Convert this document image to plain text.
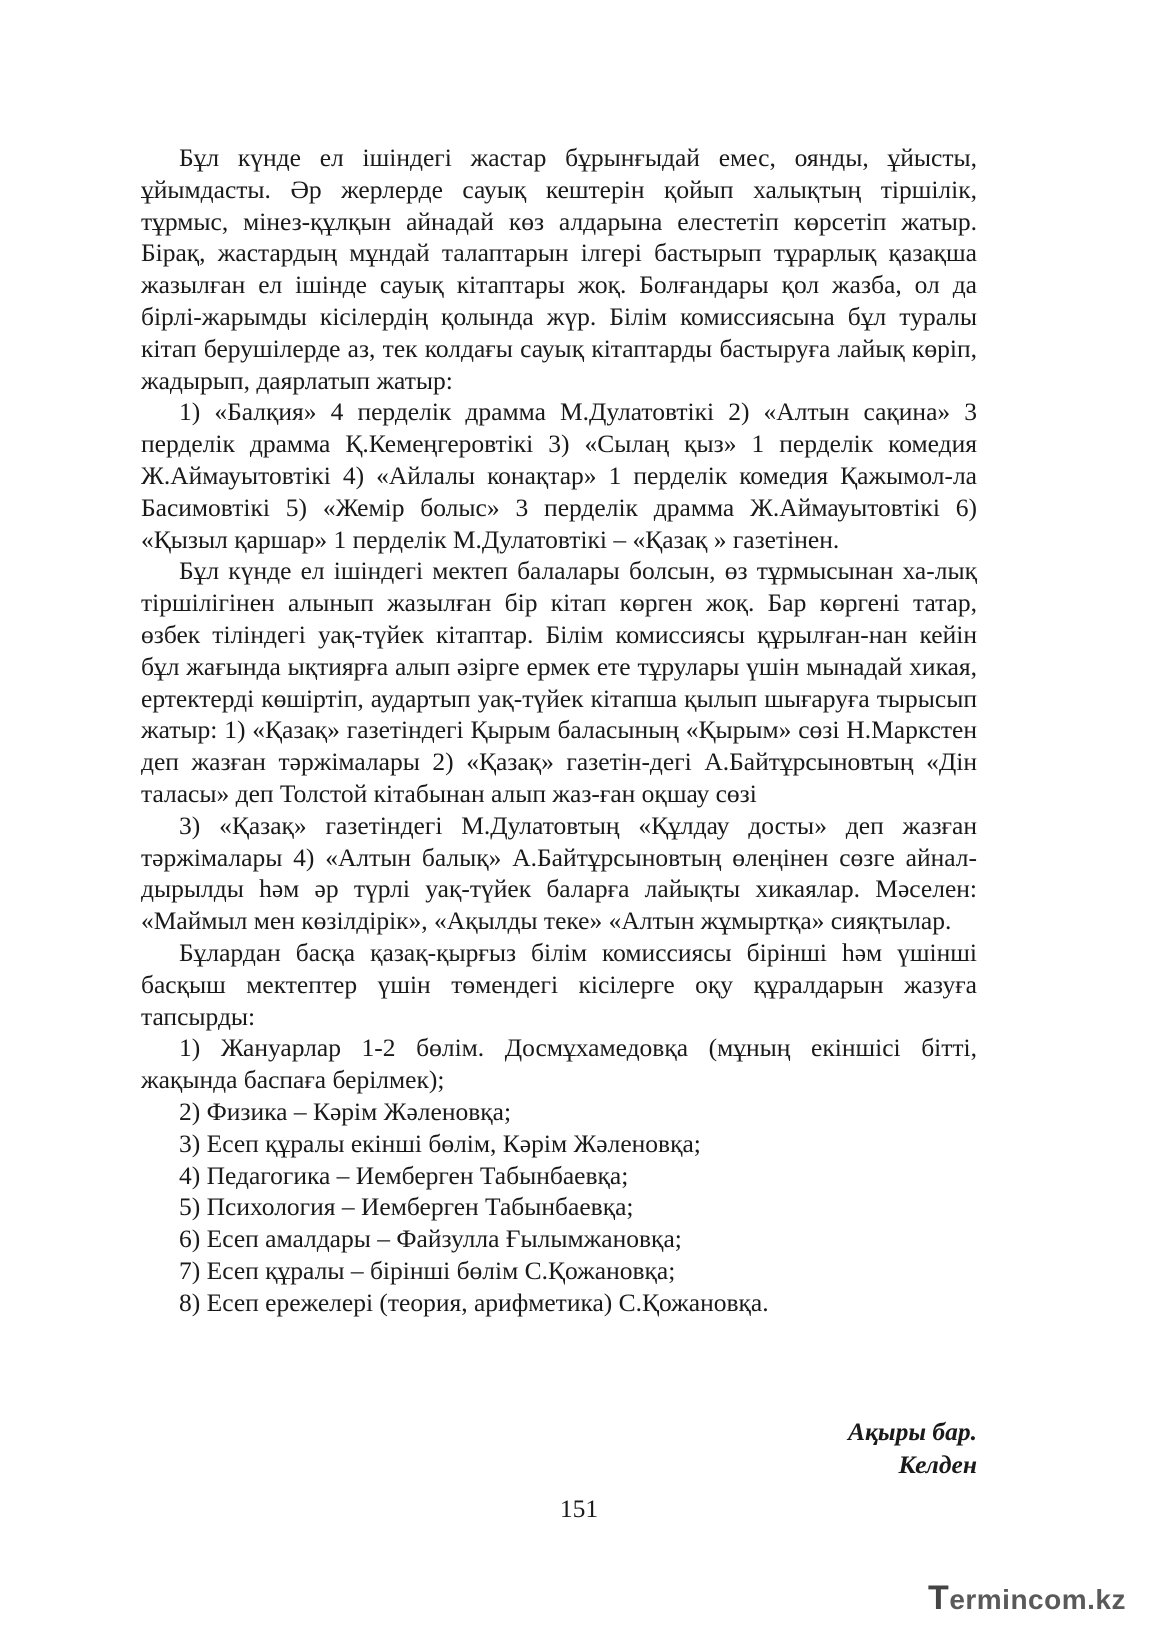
Бұл күнде ел ішіндегі жастар бұрынғыдай емес, оянды, ұйысты, ұйымдасты. Әр жерлерде сауық кештерін қойып халықтың тіршілік, тұрмыс, мінез-құлқын айнадай көз алдарына елестетіп көрсетіп жатыр. Бірақ, жастардың мұндай талаптарын ілгері бастырып тұрарлық қазақша жазылған ел ішінде сауық кітаптары жоқ. Болғандары қол жазба, ол да бірлі-жарымды кісілердің қолында жүр. Білім комиссиясына бұл туралы кітап берушілерде аз, тек колдағы сауық кітаптарды бастыруға лайық көріп, жадырып, даярлатып жатыр:

1) «Балқия» 4 перделік драмма М.Дулатовтікі 2) «Алтын сақина» 3 перделік драмма Қ.Кемеңгеровтікі 3) «Сылаң қыз» 1 перделік комедия Ж.Аймауытовтікі 4) «Айлалы конақтар» 1 перделік комедия Қажымол-ла Басимовтікі 5) «Жемір болыс» 3 перделік драмма Ж.Аймауытовтікі 6) «Қызыл қаршар» 1 перделік М.Дулатовтікі – «Қазақ » газетінен.

Бұл күнде ел ішіндегі мектеп балалары болсын, өз тұрмысынан ха-лық тіршілігінен алынып жазылған бір кітап көрген жоқ. Бар көргені татар, өзбек тіліндегі уақ-түйек кітаптар. Білім комиссиясы құрылған-нан кейін бұл жағында ықтиярға алып әзірге ермек ете тұрулары үшін мынадай хикая, ертектерді көшіртіп, аудартып уақ-түйек кітапша қылып шығаруға тырысып жатыр: 1) «Қазақ» газетіндегі Қырым баласының «Қырым» сөзі Н.Маркстен деп жазған тәржімалары 2) «Қазақ» газетін-дегі А.Байтұрсыновтың «Дін таласы» деп Толстой кітабынан алып жаз-ған оқшау сөзі

3) «Қазақ» газетіндегі М.Дулатовтың «Құлдау досты» деп жазған тәржімалары 4) «Алтын балық» А.Байтұрсыновтың өлеңінен сөзге айнал-дырылды һәм әр түрлі уақ-түйек баларға лайықты хикаялар. Мәселен: «Маймыл мен көзілдірік», «Ақылды теке» «Алтын жұмыртқа» сияқтылар.

Бұлардан басқа қазақ-қырғыз білім комиссиясы бірінші һәм үшінші басқыш мектептер үшін төмендегі кісілерге оқу құралдарын жазуға тапсырды:

1) Жануарлар 1-2 бөлім. Досмұхамедовқа (мұның екіншісі бітті, жақында баспаға берілмек);

2) Физика – Кәрім Жәленовқа;

3) Есеп құралы екінші бөлім, Кәрім Жәленовқа;

4) Педагогика – Иемберген Табынбаевқа;

5) Психология – Иемберген Табынбаевқа;

6) Есеп амалдары – Файзулла Ғылымжановқа;

7) Есеп құралы – бірінші бөлім С.Қожановқа;

8) Есеп ережелері (теория, арифметика) С.Қожановқа.

Ақыры бар.
Келден
151
Termincom.kz
